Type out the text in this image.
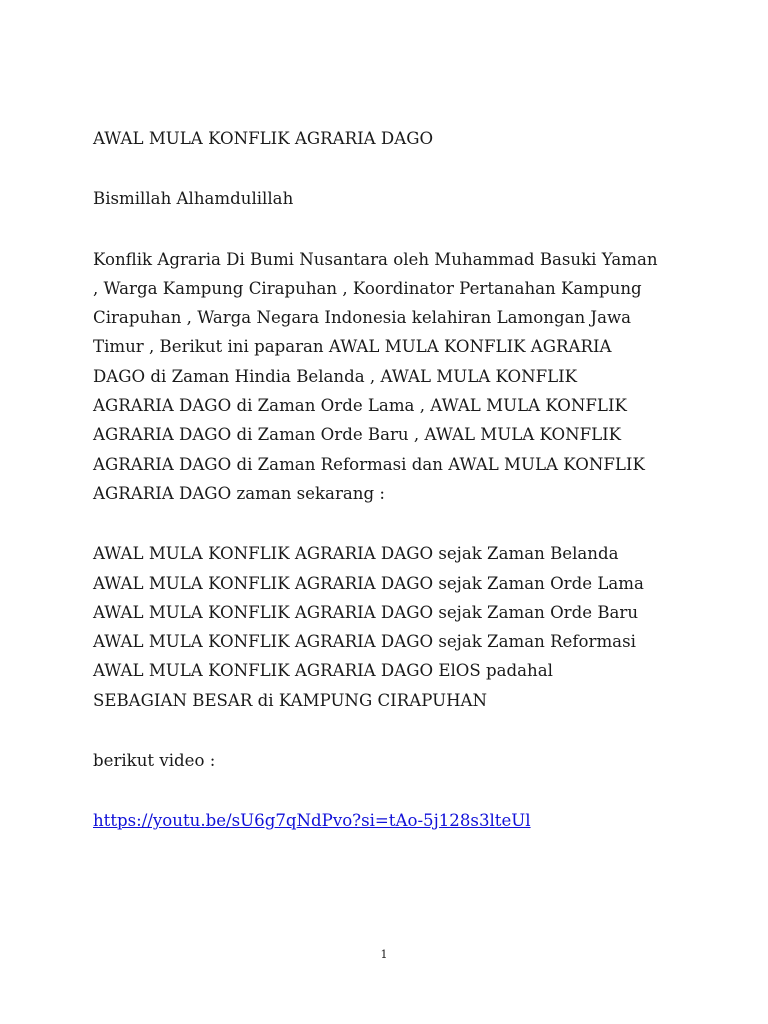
AWAL MULA KONFLIK AGRARIA DAGO

Bismillah Alhamdulillah

Konflik Agraria Di Bumi Nusantara oleh Muhammad Basuki Yaman

, Warga Kampung Cirapuhan , Koordinator Pertanahan Kampung

Cirapuhan , Warga Negara Indonesia kelahiran Lamongan Jawa

Timur , Berikut ini paparan AWAL MULA KONFLIK AGRARIA

DAGO di Zaman Hindia Belanda , AWAL MULA KONFLIK

AGRARIA DAGO di Zaman Orde Lama , AWAL MULA KONFLIK

AGRARIA DAGO di Zaman Orde Baru , AWAL MULA KONFLIK

AGRARIA DAGO di Zaman Reformasi dan AWAL MULA KONFLIK

AGRARIA DAGO zaman sekarang :

AWAL MULA KONFLIK AGRARIA DAGO sejak Zaman Belanda

AWAL MULA KONFLIK AGRARIA DAGO sejak Zaman Orde Lama

AWAL MULA KONFLIK AGRARIA DAGO sejak Zaman Orde Baru

AWAL MULA KONFLIK AGRARIA DAGO sejak Zaman Reformasi

AWAL MULA KONFLIK AGRARIA DAGO ElOS padahal

SEBAGIAN BESAR di KAMPUNG CIRAPUHAN

berikut video :

https://youtu.be/sU6g7qNdPvo?si=tAo-5j128s3lteUl

1
